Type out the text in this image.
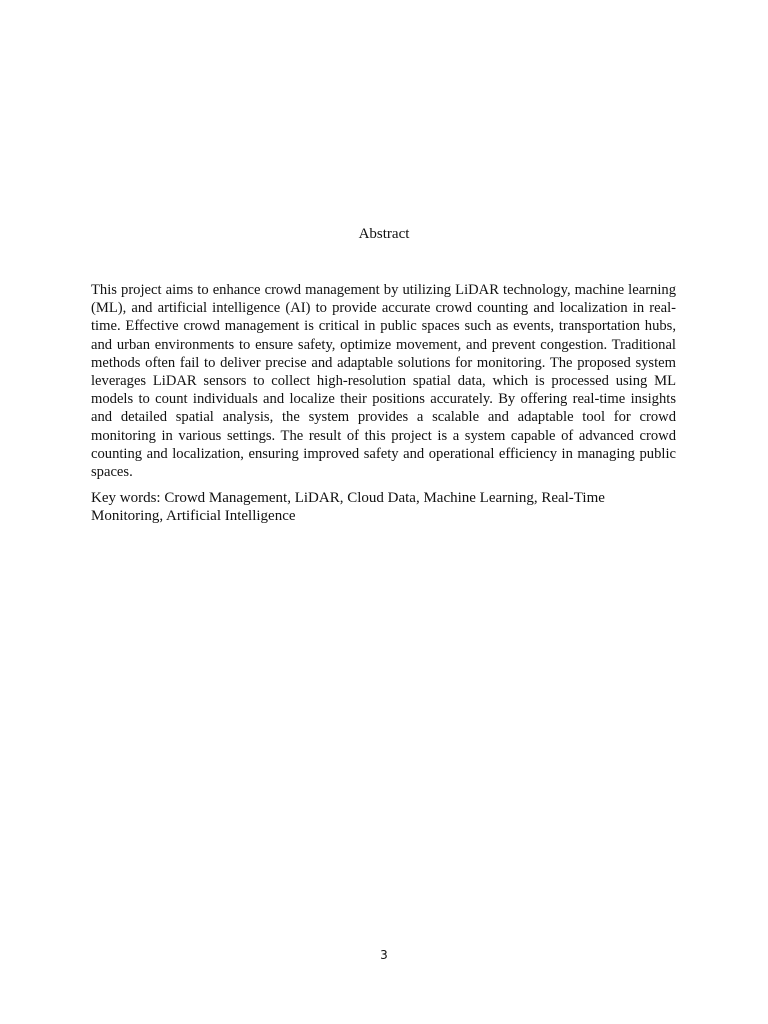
Abstract

This project aims to enhance crowd management by utilizing LiDAR technology, machine learning (ML), and artificial intelligence (AI) to provide accurate crowd counting and localization in real-time. Effective crowd management is critical in public spaces such as events, transportation hubs, and urban environments to ensure safety, optimize movement, and prevent congestion. Traditional methods often fail to deliver precise and adaptable solutions for monitoring. The proposed system leverages LiDAR sensors to collect high-resolution spatial data, which is processed using ML models to count individuals and localize their positions accurately. By offering real-time insights and detailed spatial analysis, the system provides a scalable and adaptable tool for crowd monitoring in various settings. The result of this project is a system capable of advanced crowd counting and localization, ensuring improved safety and operational efficiency in managing public spaces.

Key words: Crowd Management, LiDAR, Cloud Data, Machine Learning, Real-Time Monitoring, Artificial Intelligence

3
